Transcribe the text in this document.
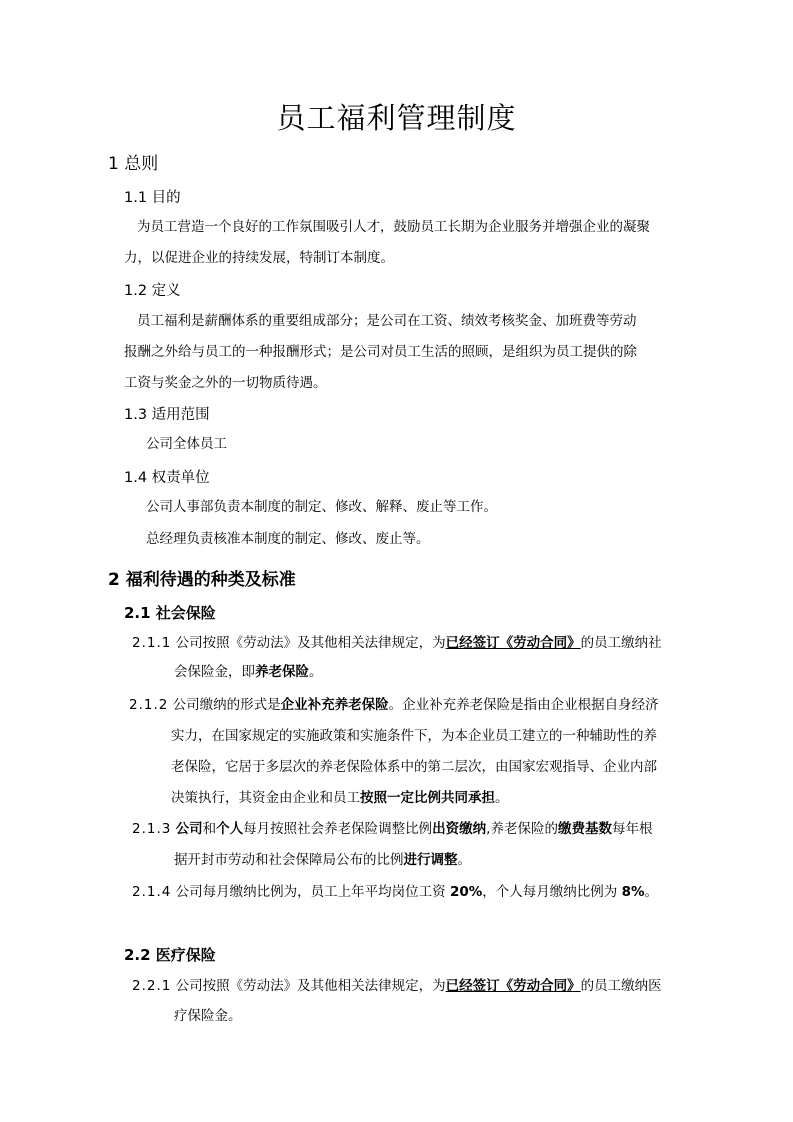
员工福利管理制度
1 总则
1.1 目的
为员工营造一个良好的工作氛围吸引人才，鼓励员工长期为企业服务并增强企业的凝聚
力，以促进企业的持续发展，特制订本制度。
1.2 定义
员工福利是薪酬体系的重要组成部分；是公司在工资、绩效考核奖金、加班费等劳动
报酬之外给与员工的一种报酬形式；是公司对员工生活的照顾，是组织为员工提供的除
工资与奖金之外的一切物质待遇。
1.3 适用范围
公司全体员工
1.4 权责单位
公司人事部负责本制度的制定、修改、解释、废止等工作。
总经理负责核准本制度的制定、修改、废止等。
2 福利待遇的种类及标准
2.1 社会保险
2.1.1 公司按照《劳动法》及其他相关法律规定，为已经签订《劳动合同》的员工缴纳社
会保险金，即养老保险。
2.1.2 公司缴纳的形式是企业补充养老保险。企业补充养老保险是指由企业根据自身经济
实力，在国家规定的实施政策和实施条件下，为本企业员工建立的一种辅助性的养
老保险，它居于多层次的养老保险体系中的第二层次，由国家宏观指导、企业内部
决策执行，其资金由企业和员工按照一定比例共同承担。
2.1.3 公司和个人每月按照社会养老保险调整比例出资缴纳,养老保险的缴费基数每年根
据开封市劳动和社会保障局公布的比例进行调整。
2.1.4 公司每月缴纳比例为，员工上年平均岗位工资 20%，个人每月缴纳比例为 8%。
2.2 医疗保险
2.2.1 公司按照《劳动法》及其他相关法律规定，为已经签订《劳动合同》的员工缴纳医
疗保险金。
